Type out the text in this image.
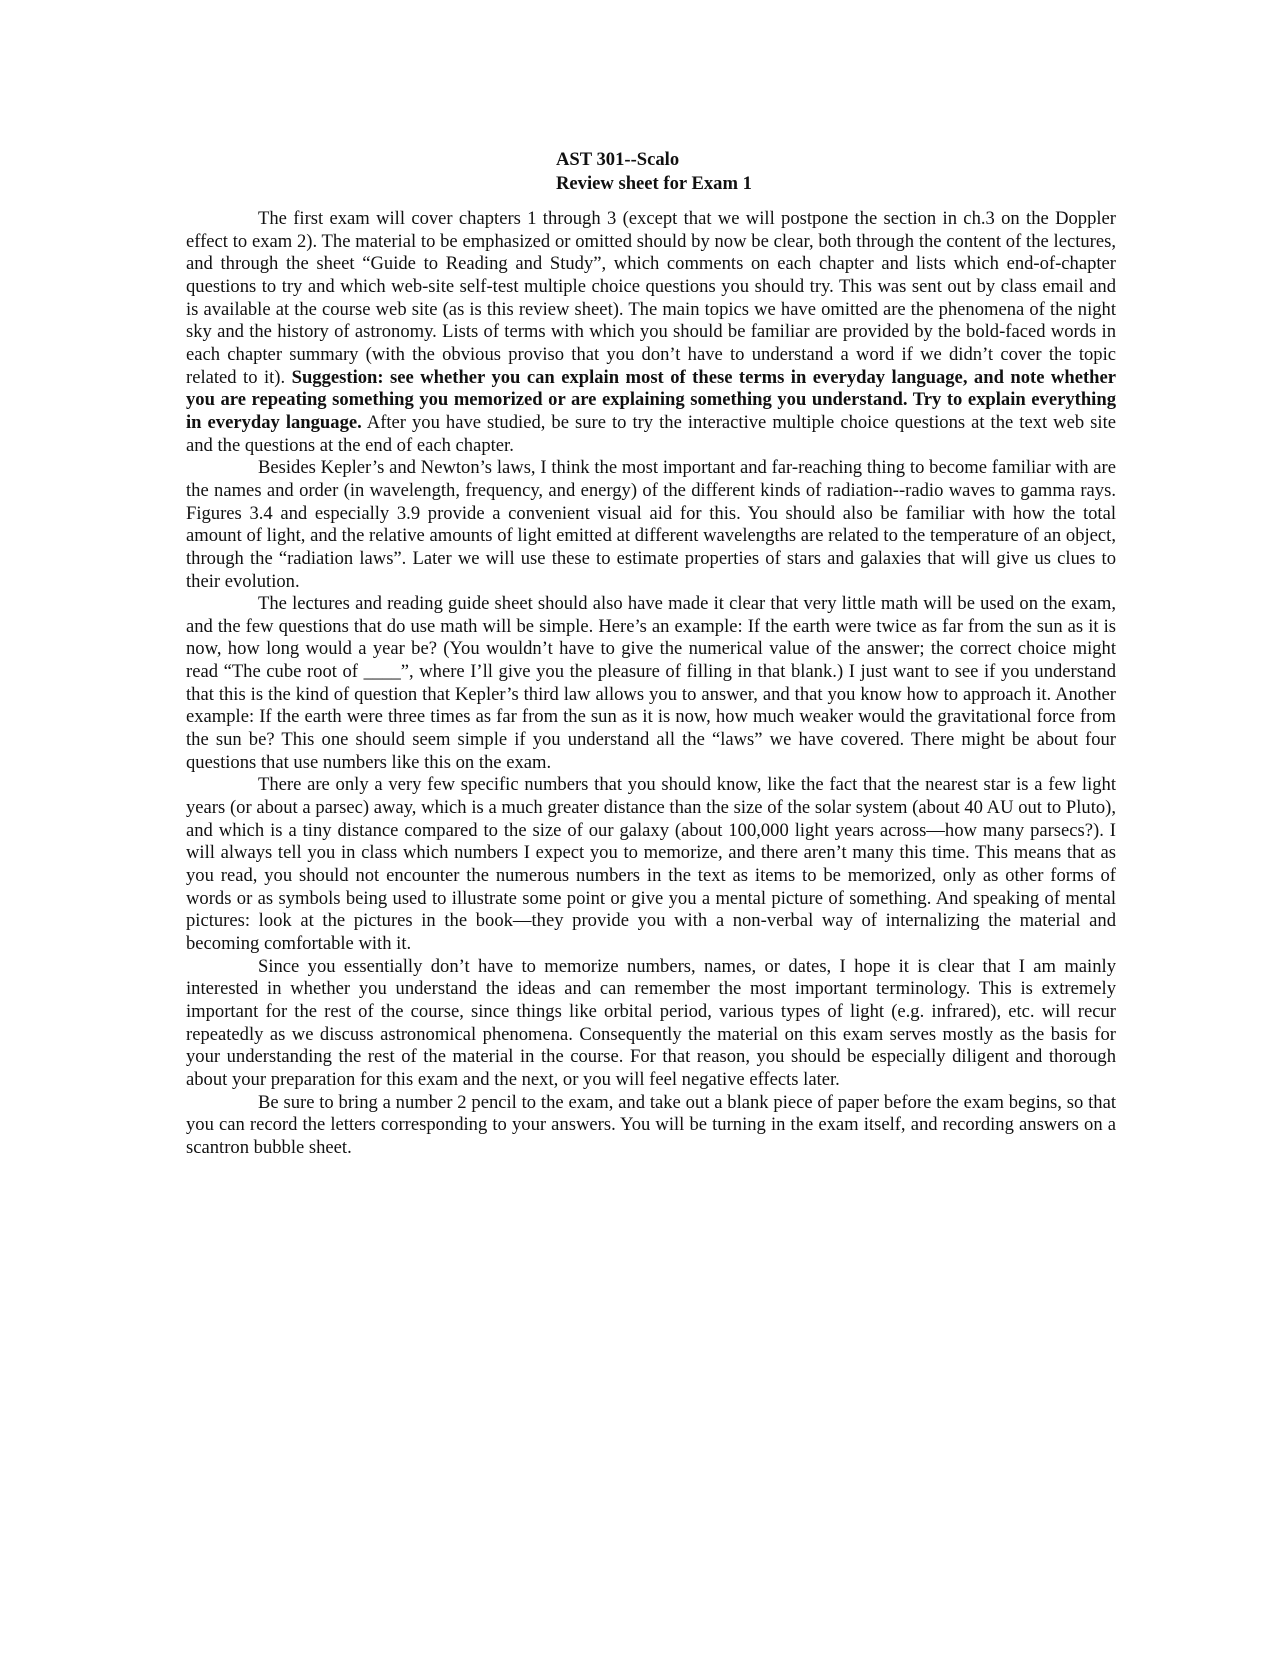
AST 301--Scalo
Review sheet for Exam 1

The first exam will cover chapters 1 through 3 (except that we will postpone the section in ch.3 on the Doppler effect to exam 2). The material to be emphasized or omitted should by now be clear, both through the content of the lectures, and through the sheet “Guide to Reading and Study”, which comments on each chapter and lists which end-of-chapter questions to try and which web-site self-test multiple choice questions you should try. This was sent out by class email and is available at the course web site (as is this review sheet). The main topics we have omitted are the phenomena of the night sky and the history of astronomy. Lists of terms with which you should be familiar are provided by the bold-faced words in each chapter summary (with the obvious proviso that you don’t have to understand a word if we didn’t cover the topic related to it). Suggestion: see whether you can explain most of these terms in everyday language, and note whether you are repeating something you memorized or are explaining something you understand. Try to explain everything in everyday language. After you have studied, be sure to try the interactive multiple choice questions at the text web site and the questions at the end of each chapter.

Besides Kepler’s and Newton’s laws, I think the most important and far-reaching thing to become familiar with are the names and order (in wavelength, frequency, and energy) of the different kinds of radiation--radio waves to gamma rays. Figures 3.4 and especially 3.9 provide a convenient visual aid for this. You should also be familiar with how the total amount of light, and the relative amounts of light emitted at different wavelengths are related to the temperature of an object, through the “radiation laws”. Later we will use these to estimate properties of stars and galaxies that will give us clues to their evolution.

The lectures and reading guide sheet should also have made it clear that very little math will be used on the exam, and the few questions that do use math will be simple. Here’s an example: If the earth were twice as far from the sun as it is now, how long would a year be? (You wouldn’t have to give the numerical value of the answer; the correct choice might read “The cube root of ____”, where I’ll give you the pleasure of filling in that blank.) I just want to see if you understand that this is the kind of question that Kepler’s third law allows you to answer, and that you know how to approach it. Another example: If the earth were three times as far from the sun as it is now, how much weaker would the gravitational force from the sun be? This one should seem simple if you understand all the “laws” we have covered. There might be about four questions that use numbers like this on the exam.

There are only a very few specific numbers that you should know, like the fact that the nearest star is a few light years (or about a parsec) away, which is a much greater distance than the size of the solar system (about 40 AU out to Pluto), and which is a tiny distance compared to the size of our galaxy (about 100,000 light years across—how many parsecs?). I will always tell you in class which numbers I expect you to memorize, and there aren’t many this time. This means that as you read, you should not encounter the numerous numbers in the text as items to be memorized, only as other forms of words or as symbols being used to illustrate some point or give you a mental picture of something. And speaking of mental pictures: look at the pictures in the book—they provide you with a non-verbal way of internalizing the material and becoming comfortable with it.

Since you essentially don’t have to memorize numbers, names, or dates, I hope it is clear that I am mainly interested in whether you understand the ideas and can remember the most important terminology. This is extremely important for the rest of the course, since things like orbital period, various types of light (e.g. infrared), etc. will recur repeatedly as we discuss astronomical phenomena. Consequently the material on this exam serves mostly as the basis for your understanding the rest of the material in the course. For that reason, you should be especially diligent and thorough about your preparation for this exam and the next, or you will feel negative effects later.

Be sure to bring a number 2 pencil to the exam, and take out a blank piece of paper before the exam begins, so that you can record the letters corresponding to your answers. You will be turning in the exam itself, and recording answers on a scantron bubble sheet.
